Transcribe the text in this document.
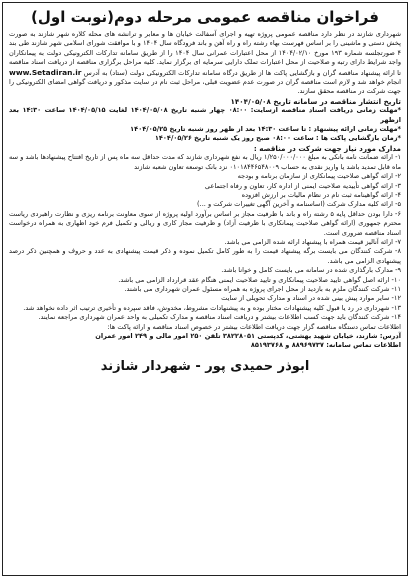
فراخوان مناقصه عمومی مرحله دوم(نوبت اول)

شهرداری شازند در نظر دارد مناقصه عمومی پروژه تهیه و اجرای آسفالت خیابان ها و معابر و ترانشه های محله کلاره شهر شازند به صورت پخش دستی و ماشینی را بر اساس فهرست بهاء رشته راه و راه آهن و باند فرودگاه سال ۱۴۰۴ و با موافقت شورای اسلامی شهر شازند طی بند ۴ صورتجلسه شماره ۱۹۳ مورخ ۱۴۰۴/۰۲/۱۰ از محل اعتبارات عمرانی سال ۱۴۰۴ را از طریق سامانه تدارکات الکترونیکی دولت به پیمانکاران واجد شرایط دارای رتبه و صلاحیت از محل اعتبارات تملک دارایی سرمایه ای برگزار نماید. کلیه مراحل برگزاری مناقصه از دریافت اسناد مناقصه تا ارائه پیشنهاد مناقصه گران و بازگشایی پاکت ها از طریق درگاه سامانه تدارکات الکترونیکی دولت (ستاد) به آدرس www.Setadiran.ir انجام خواهد شد و لازم است مناقصه گران در صورت عدم عضویت قبلی، مراحل ثبت نام در سایت مذکور و دریافت گواهی امضای الکترونیکی را جهت شرکت در مناقصه محقق سازند.

تاریخ انتشار مناقصه در سامانه تاریخ ۱۴۰۴/۰۵/۰۸

*مهلت زمانی دریافت اسناد مناقصه ازسایت: ۰۸:۰۰ چهار شنبه تاریخ ۱۴۰۴/۰۵/۰۸ لغایت ۱۴۰۴/۰۵/۱۵ ساعت ۱۴:۳۰ بعد ازظهر

*مهلت زمانی ارائه پیشنهاد : تا ساعت ۱۴:۳۰ بعد از ظهر روز شنبه تاریخ ۱۴۰۴/۰۵/۲۵

*زمان بازگشایی پاکت ها : ساعت ۰۸:۰۰ صبح روز یک شنبه تاریخ ۱۴۰۴/۰۵/۲۶

مدارک مورد نیاز جهت شرکت در مناقصه :

۱- ارائه ضمانت نامه بانکی به مبلغ ۱/۲۵۰/۰۰۰/۰۰۰ ریال به نفع شهرداری شازند که مدت حداقل سه ماه پس از تاریخ افتتاح پیشنهادها باشد و سه ماه قابل تمدید باشد یا واریز نقدی به حساب ۰۱۰۱۸۴۴۶۵۴۸۰۰۹ نزد بانک توسعه تعاون شعبه شازند

۲- ارائه گواهی صلاحیت پیمانکاری از سازمان برنامه و بودجه

۳- ارائه گواهی تأییدیه صلاحیت ایمنی از اداره کار، تعاون و رفاه اجتماعی

۴- ارائه گواهینامه ثبت نام در نظام مالیات بر ارزش افزوده

۵- ارائه کلیه مدارک شرکت (اساسنامه و آخرین آگهی تغییرات شرکت و ...)

۶- دارا بودن حداقل پایه ۵ رشته راه و باند با ظرفیت مجاز بر اساس برآورد اولیه پروژه از سوی معاونت برنامه ریزی و نظارت راهبردی ریاست محترم جمهوری (ارائه گواهی صلاحیت پیمانکاری با ظرفیت آزاد) و ظرفیت مجاز کاری و ریالی و تکمیل فرم خود اظهاری به همراه درخواست اسناد مناقصه ضروری است.

۷- ارائه آنالیز قیمت همراه با پیشنهاد ارائه شده الزامی می باشد.

۸- شرکت کنندگان می بایست برگه پیشنهاد قیمت را به طور کامل تکمیل نموده و ذکر قیمت پیشنهادی به عدد و حروف و همچنین ذکر درصد پیشنهادی الزامی می باشد.

۹- مدارک بارگذاری شده در سامانه می بایست کامل و خوانا باشد.

۱۰- ارائه اصل گواهی تایید صلاحیت پیمانکاری و تایید صلاحیت ایمنی هنگام عقد قرارداد الزامی می باشد.

۱۱- شرکت کنندگان ملزم به بازدید از محل اجرای پروژه به همراه مسئول عمران شهرداری می باشند.

۱۲- سایر موارد پیش بینی شده در اسناد و مدارک تحویلی از سایت

۱۳- شهرداری در رد یا قبول کلیه پیشنهادات مختار بوده و به پیشنهادات مشروط، مخدوش، فاقد سپرده و تأخیری ترتیب اثر داده نخواهد شد.

۱۴- شرکت کنندگان باید جهت کسب اطلاعات بیشتر و دریافت اسناد مناقصه و مدارک تکمیلی به واحد عمران شهرداری مراجعه نمایند.

اطلاعات تماس دستگاه مناقصه گزار جهت دریافت اطلاعات بیشتر در خصوص اسناد مناقصه و ارائه پاکت ها:

آدرس: شازند، خیابان شهید بهشتی، کدپستی ۳۸۲۲۸۰۵۱ تلفن ۲۵۰ امور مالی و ۲۴۹ امور عمران

اطلاعات تماس سامانه: ۸۸۹۶۹۷۳۷ و ۸۵۱۹۳۷۶۸

ابوذر حمیدی پور - شهردار شازند
